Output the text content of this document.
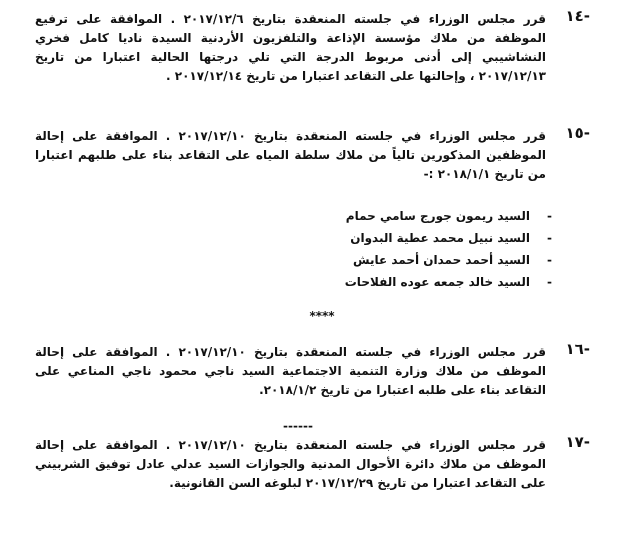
-١٤
قرر مجلس الوزراء في جلسته المنعقدة بتاريخ ٢٠١٧/١٢/٦ . الموافقة على ترفيع الموظفة من ملاك مؤسسة الإذاعة والتلفزيون الأردنية السيدة ناديا كامل فخري النشاشيبي إلى أدنى مربوط الدرجة التي تلي درجتها الحالية اعتبارا من تاريخ ٢٠١٧/١٢/١٣ ، وإحالتها على التقاعد اعتبارا من تاريخ ٢٠١٧/١٢/١٤ .
-١٥
قرر مجلس الوزراء في جلسته المنعقدة بتاريخ ٢٠١٧/١٢/١٠ . الموافقة على إحالة الموظفين المذكورين تالياً من ملاك سلطة المياه على التقاعد بناء على طلبهم اعتبارا من تاريخ ٢٠١٨/١/١ :-
-
السيد ريمون جورج سامي حمام
-
السيد نبيل محمد عطية البدوان
-
السيد أحمد حمدان أحمد عايش
-
السيد خالد جمعه عوده الفلاحات
****
-١٦
قرر مجلس الوزراء في جلسته المنعقدة بتاريخ ٢٠١٧/١٢/١٠ . الموافقة على إحالة الموظف من ملاك وزارة التنمية الاجتماعية السيد ناجي محمود ناجي المناعي على التقاعد بناء على طلبه اعتبارا من تاريخ ٢٠١٨/١/٢.
------
-١٧
قرر مجلس الوزراء في جلسته المنعقدة بتاريخ ٢٠١٧/١٢/١٠ . الموافقة على إحالة الموظف من ملاك دائرة الأحوال المدنية والجوازات السيد عدلي عادل توفيق الشربيني على التقاعد اعتبارا من تاريخ ٢٠١٧/١٢/٢٩ لبلوغه السن القانونية.
